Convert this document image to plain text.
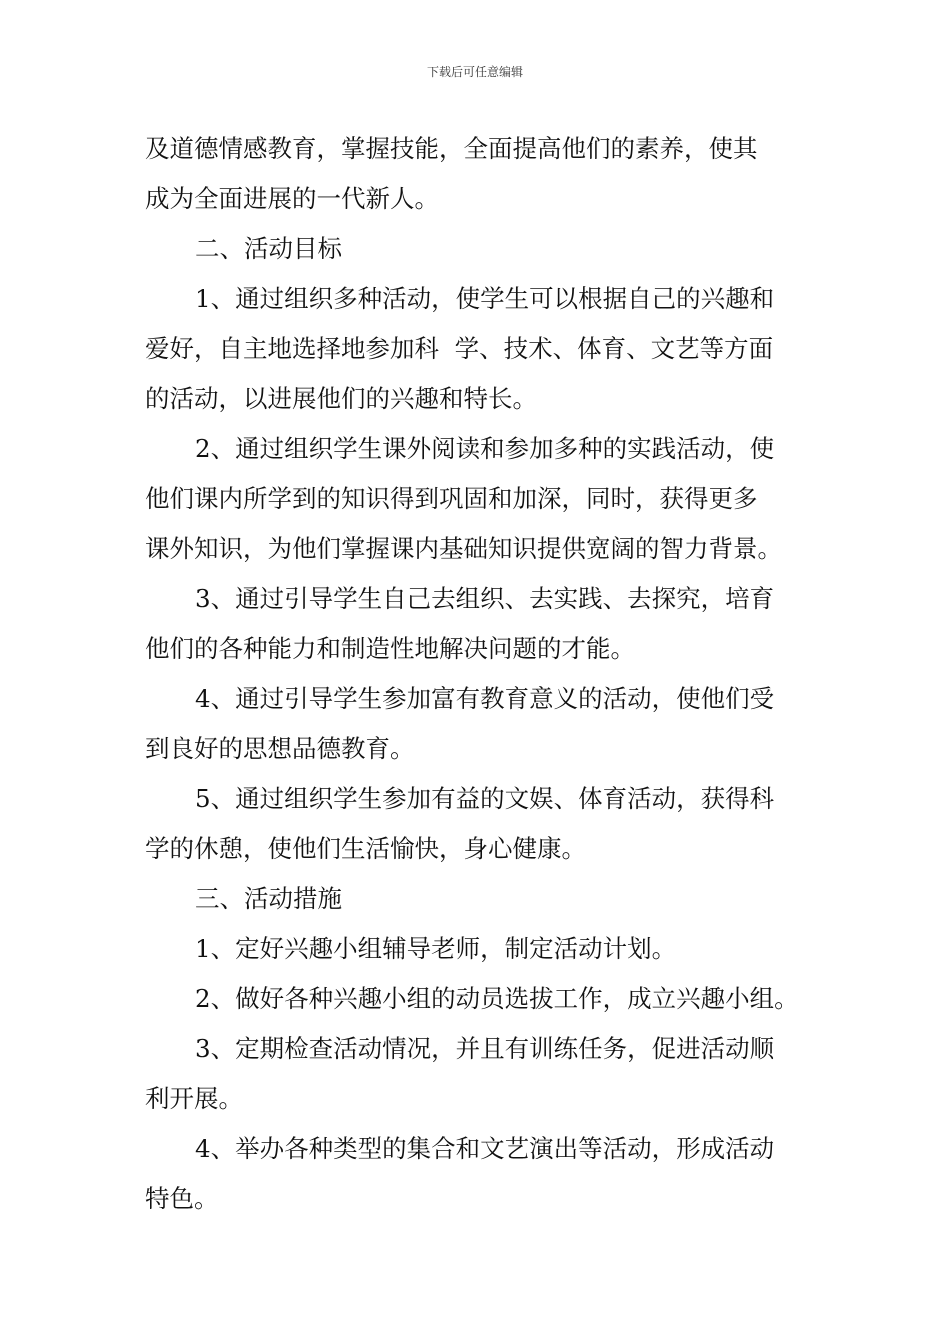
下载后可任意编辑
及道德情感教育，掌握技能，全面提高他们的素养，使其
成为全面进展的一代新人。
二、活动目标
1、通过组织多种活动，使学生可以根据自己的兴趣和
爱好，自主地选择地参加科  学、技术、体育、文艺等方面
的活动，以进展他们的兴趣和特长。
2、通过组织学生课外阅读和参加多种的实践活动，使
他们课内所学到的知识得到巩固和加深，同时，获得更多
课外知识，为他们掌握课内基础知识提供宽阔的智力背景。
3、通过引导学生自己去组织、去实践、去探究，培育
他们的各种能力和制造性地解决问题的才能。
4、通过引导学生参加富有教育意义的活动，使他们受
到良好的思想品德教育。
5、通过组织学生参加有益的文娱、体育活动，获得科
学的休憩，使他们生活愉快，身心健康。
三、活动措施
1、定好兴趣小组辅导老师，制定活动计划。
2、做好各种兴趣小组的动员选拔工作，成立兴趣小组。
3、定期检查活动情况，并且有训练任务，促进活动顺
利开展。
4、举办各种类型的集合和文艺演出等活动，形成活动
特色。
